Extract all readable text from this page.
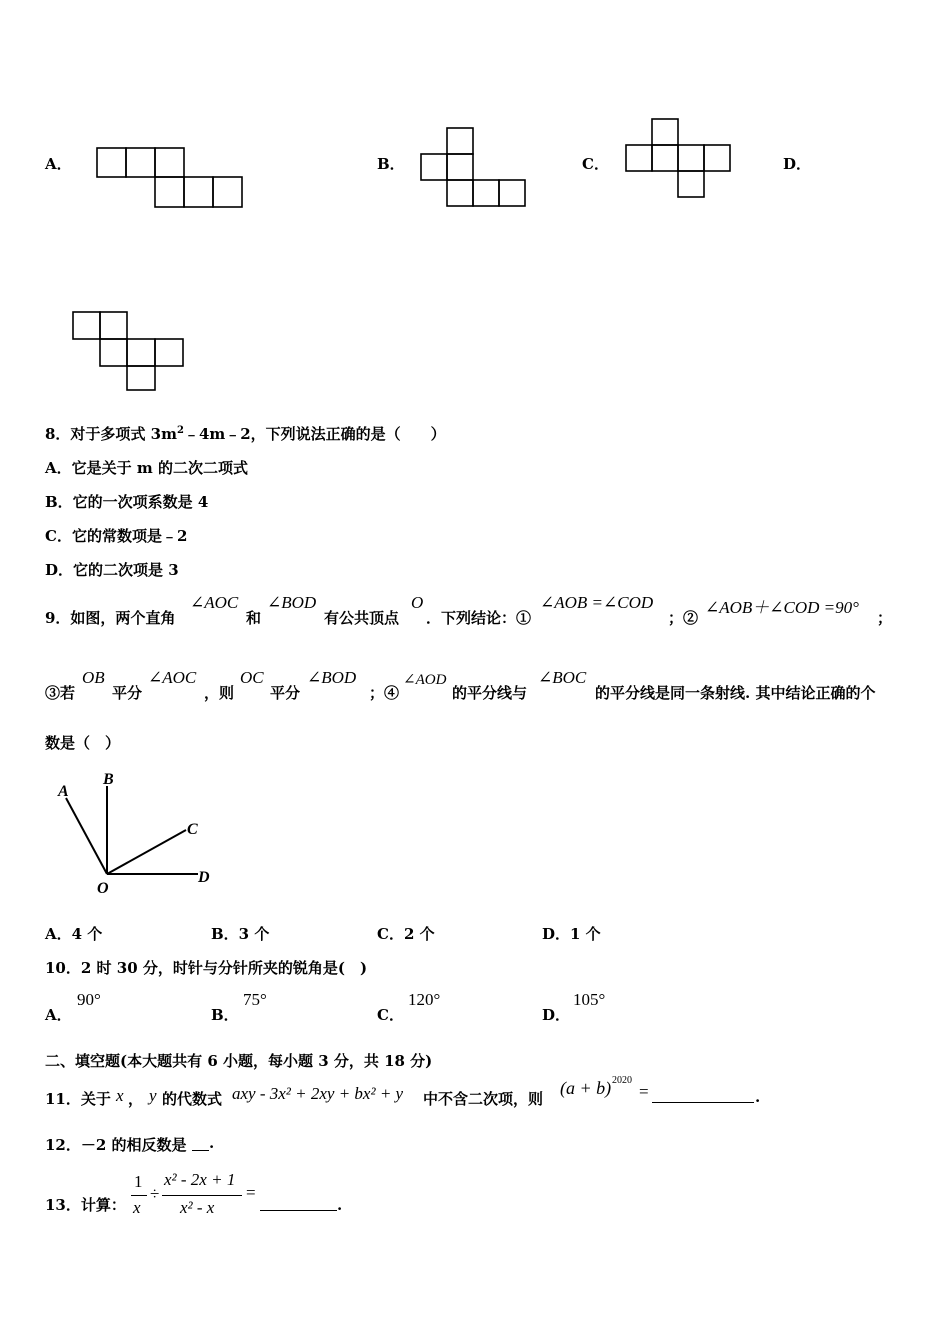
A．	B．	C．	D．
8．对于多项式 $3m^2﹣4m﹣2$，下列说法正确的是（　　）
A．它是关于 m 的二次二项式
B．它的一次项系数是 4
C．它的常数项是﹣2
D．它的二次项是 3
9．如图，两个直角
∠AOC
和
∠BOD
有公共顶点
O
．下列结论：①
∠AOB =∠COD
；②
∠AOB＋∠COD =90°
；
③若
OB
平分
∠AOC
，则
OC
平分
∠BOD
；④
∠AOD
的平分线与
∠BOC
的平分线是同一条射线. 其中结论正确的个
数是（　）
A
B
C
O
D
A．4 个	B．3 个	C．2 个	D．1 个
10．2 时 30 分，时针与分针所夹的锐角是(　)
A．
90°
B．
75°
C．
120°
D．
105°
二、填空题(本大题共有 6 小题，每小题 3 分，共 18 分)
11．关于 x ， y 的代数式 axy - 3x² + 2xy + bx² + y 中不含二次项，则
(a + b) 2020
=	.
12．－2 的相反数是 .
13．计算：
1
x
÷
x² - 2x + 1
x² - x
=
.
